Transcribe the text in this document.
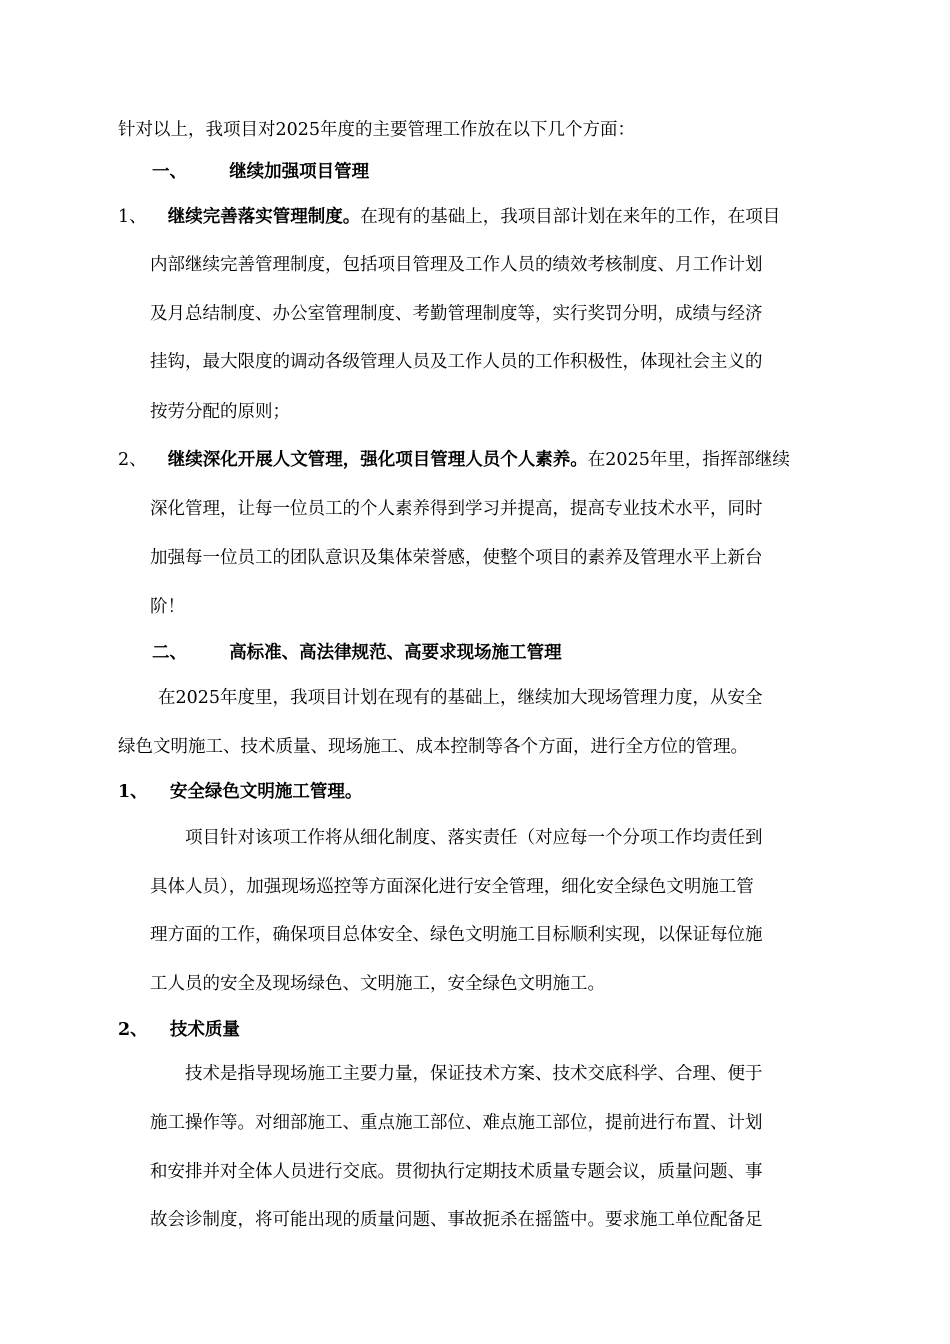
针对以上，我项目对2025年度的主要管理工作放在以下几个方面：
一、 继续加强项目管理
1、 继续完善落实管理制度。在现有的基础上，我项目部计划在来年的工作，在项目
内部继续完善管理制度，包括项目管理及工作人员的绩效考核制度、月工作计划
及月总结制度、办公室管理制度、考勤管理制度等，实行奖罚分明，成绩与经济
挂钩，最大限度的调动各级管理人员及工作人员的工作积极性，体现社会主义的
按劳分配的原则；
2、 继续深化开展人文管理，强化项目管理人员个人素养。在2025年里，指挥部继续
深化管理，让每一位员工的个人素养得到学习并提高，提高专业技术水平，同时
加强每一位员工的团队意识及集体荣誉感，使整个项目的素养及管理水平上新台
阶！
二、 高标准、高法律规范、高要求现场施工管理
在2025年度里，我项目计划在现有的基础上，继续加大现场管理力度，从安全
绿色文明施工、技术质量、现场施工、成本控制等各个方面，进行全方位的管理。
1、 安全绿色文明施工管理。
项目针对该项工作将从细化制度、落实责任（对应每一个分项工作均责任到
具体人员），加强现场巡控等方面深化进行安全管理，细化安全绿色文明施工管
理方面的工作，确保项目总体安全、绿色文明施工目标顺利实现，以保证每位施
工人员的安全及现场绿色、文明施工，安全绿色文明施工。
2、 技术质量
技术是指导现场施工主要力量，保证技术方案、技术交底科学、合理、便于
施工操作等。对细部施工、重点施工部位、难点施工部位，提前进行布置、计划
和安排并对全体人员进行交底。贯彻执行定期技术质量专题会议，质量问题、事
故会诊制度，将可能出现的质量问题、事故扼杀在摇篮中。要求施工单位配备足
